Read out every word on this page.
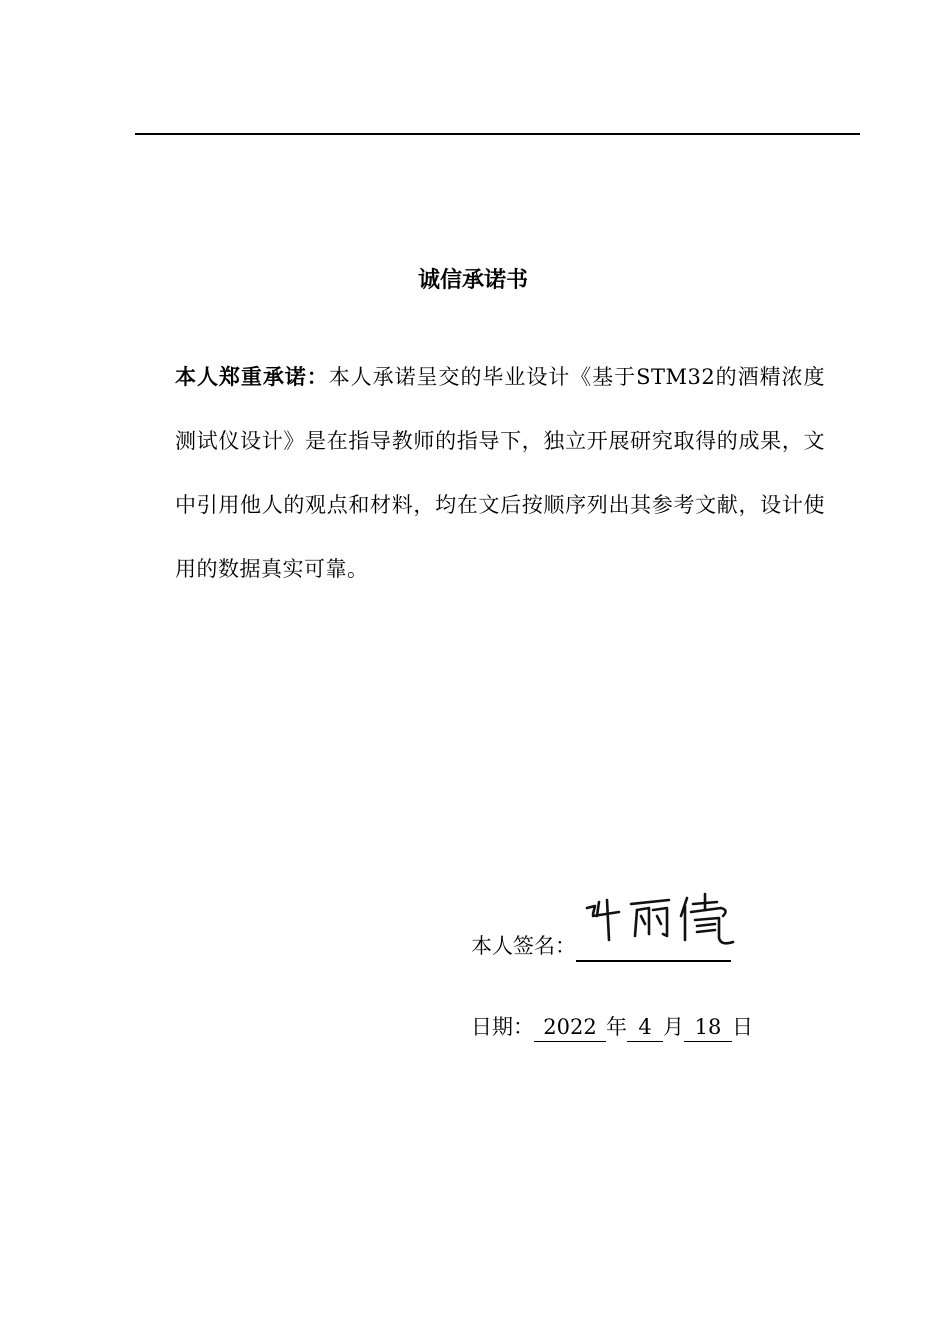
诚信承诺书
本人郑重承诺：本人承诺呈交的毕业设计《基于STM32的酒精浓度测试仪设计》是在指导教师的指导下，独立开展研究取得的成果，文中引用他人的观点和材料，均在文后按顺序列出其参考文献，设计使用的数据真实可靠。
本人签名：
日期： 2022 年 4 月 18 日
